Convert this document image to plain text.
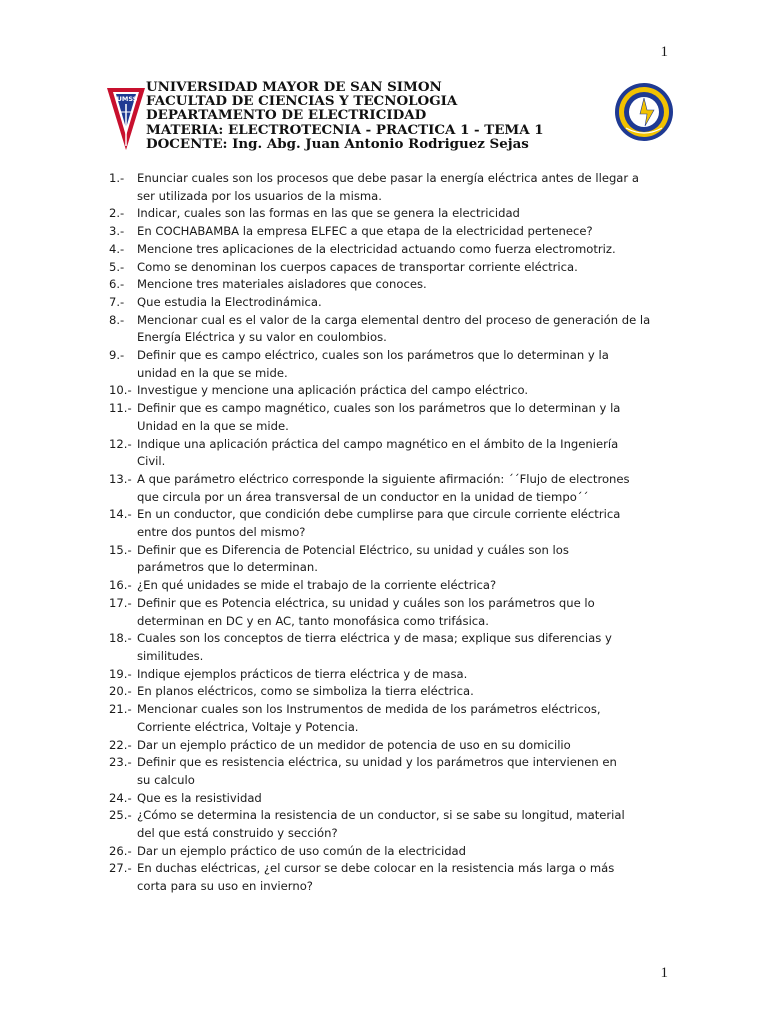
1
UMSS
UNIVERSIDAD MAYOR DE SAN SIMON
FACULTAD DE CIENCIAS Y TECNOLOGIA
DEPARTAMENTO DE ELECTRICIDAD
MATERIA: ELECTROTECNIA - PRACTICA 1 - TEMA 1
DOCENTE: Ing. Abg. Juan Antonio Rodriguez Sejas
1.- Enunciar cuales son los procesos que debe pasar la energía eléctrica antes de llegar a
ser utilizada por los usuarios de la misma.
2.- Indicar, cuales son las formas en las que se genera la electricidad
3.- En COCHABAMBA la empresa ELFEC a que etapa de la electricidad pertenece?
4.- Mencione tres aplicaciones de la electricidad actuando como fuerza electromotriz.
5.- Como se denominan los cuerpos capaces de transportar corriente eléctrica.
6.- Mencione tres materiales aisladores que conoces.
7.- Que estudia la Electrodinámica.
8.- Mencionar cual es el valor de la carga elemental dentro del proceso de generación de la
Energía Eléctrica y su valor en coulombios.
9.- Definir que es campo eléctrico, cuales son los parámetros que lo determinan y la
unidad en la que se mide.
10.- Investigue y mencione una aplicación práctica del campo eléctrico.
11.- Definir que es campo magnético, cuales son los parámetros que lo determinan y la
Unidad en la que se mide.
12.- Indique una aplicación práctica del campo magnético en el ámbito de la Ingeniería
Civil.
13.- A que parámetro eléctrico corresponde la siguiente afirmación: ´´Flujo de electrones
que circula por un área transversal de un conductor en la unidad de tiempo´´
14.- En un conductor, que condición debe cumplirse para que circule corriente eléctrica
entre dos puntos del mismo?
15.- Definir que es Diferencia de Potencial Eléctrico, su unidad y cuáles son los
parámetros que lo determinan.
16.- ¿En qué unidades se mide el trabajo de la corriente eléctrica?
17.- Definir que es Potencia eléctrica, su unidad y cuáles son los parámetros que lo
determinan en DC y en AC, tanto monofásica como trifásica.
18.- Cuales son los conceptos de tierra eléctrica y de masa; explique sus diferencias y
similitudes.
19.- Indique ejemplos prácticos de tierra eléctrica y de masa.
20.- En planos eléctricos, como se simboliza la tierra eléctrica.
21.- Mencionar cuales son los Instrumentos de medida de los parámetros eléctricos,
Corriente eléctrica, Voltaje y Potencia.
22.- Dar un ejemplo práctico de un medidor de potencia de uso en su domicilio
23.- Definir que es resistencia eléctrica, su unidad y los parámetros que intervienen en
su calculo
24.- Que es la resistividad
25.- ¿Cómo se determina la resistencia de un conductor, si se sabe su longitud, material
del que está construido y sección?
26.- Dar un ejemplo práctico de uso común de la electricidad
27.- En duchas eléctricas, ¿el cursor se debe colocar en la resistencia más larga o más
corta para su uso en invierno?
1
